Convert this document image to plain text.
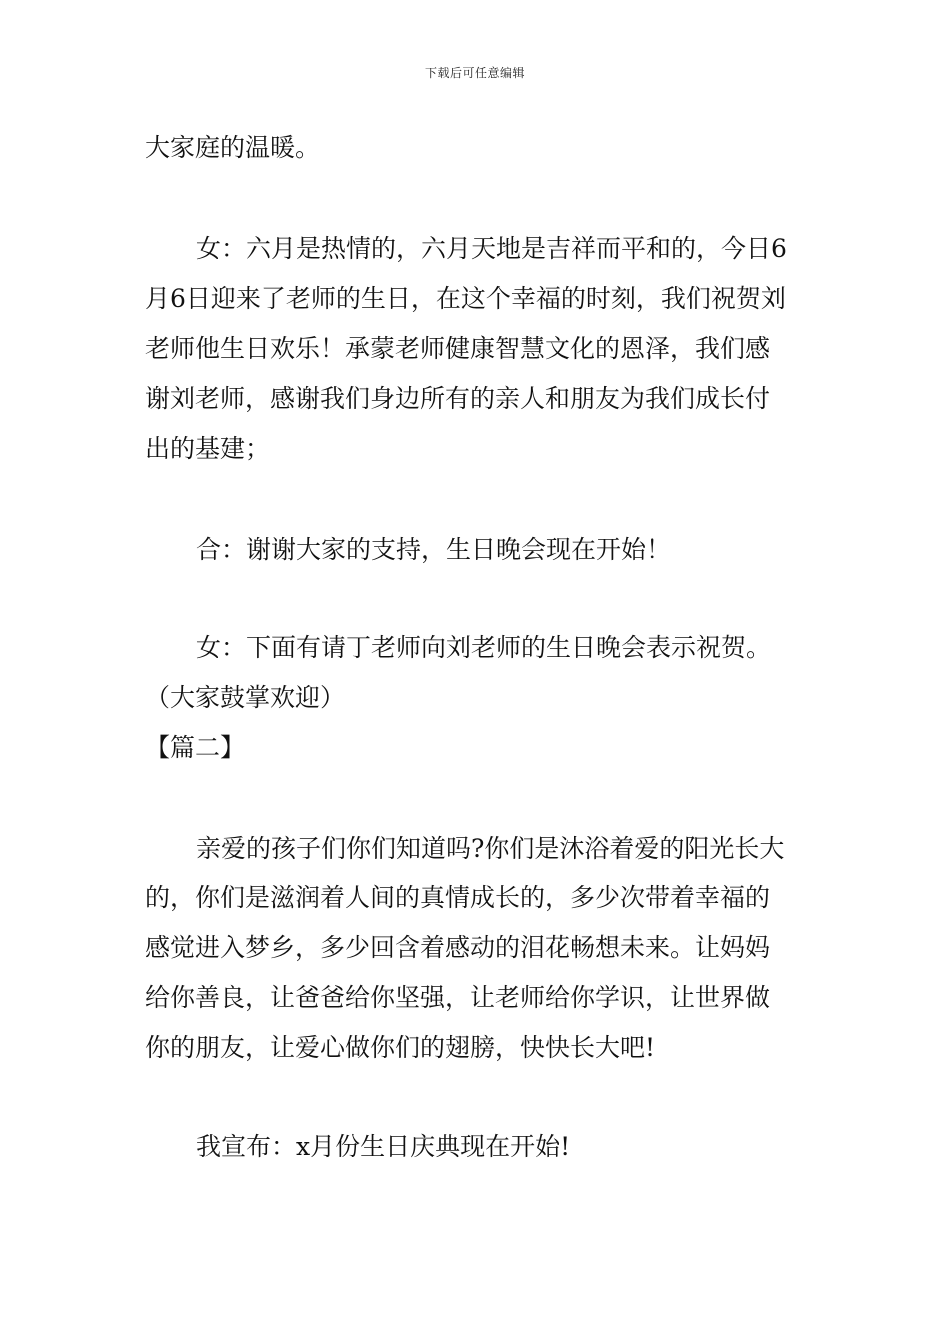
下载后可任意编辑
大家庭的温暖。
女：六月是热情的，六月天地是吉祥而平和的，今日6
月6日迎来了老师的生日，在这个幸福的时刻，我们祝贺刘
老师他生日欢乐！承蒙老师健康智慧文化的恩泽，我们感
谢刘老师，感谢我们身边所有的亲人和朋友为我们成长付
出的基建；
合：谢谢大家的支持，生日晚会现在开始！
女：下面有请丁老师向刘老师的生日晚会表示祝贺。
（大家鼓掌欢迎）
【篇二】
亲爱的孩子们你们知道吗?你们是沐浴着爱的阳光长大
的，你们是滋润着人间的真情成长的，多少次带着幸福的
感觉进入梦乡，多少回含着感动的泪花畅想未来。让妈妈
给你善良，让爸爸给你坚强，让老师给你学识，让世界做
你的朋友，让爱心做你们的翅膀，快快长大吧!
我宣布：x月份生日庆典现在开始!
